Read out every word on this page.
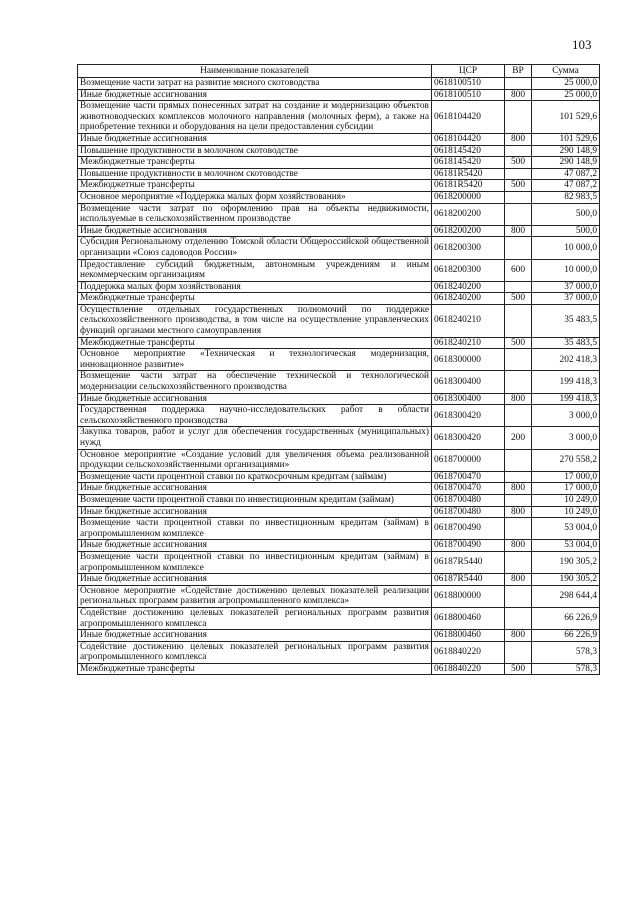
103
Наименование показателей	ЦСР	ВР	Сумма
Возмещение части затрат на развитие мясного скотоводства	0618100510		25 000,0
Иные бюджетные ассигнования	0618100510	800	25 000,0
Возмещение части прямых понесенных затрат на создание и модернизацию объектов животноводческих комплексов молочного направления (молочных ферм), а также на приобретение техники и оборудования на цели предоставления субсидии	0618104420		101 529,6
Иные бюджетные ассигнования	0618104420	800	101 529,6
Повышение продуктивности в молочном скотоводстве	0618145420		290 148,9
Межбюджетные трансферты	0618145420	500	290 148,9
Повышение продуктивности в молочном скотоводстве	06181R5420		47 087,2
Межбюджетные трансферты	06181R5420	500	47 087,2
Основное мероприятие «Поддержка малых форм хозяйствования»	0618200000		82 983,5
Возмещение части затрат по оформлению прав на объекты недвижимости, используемые в сельскохозяйственном производстве	0618200200		500,0
Иные бюджетные ассигнования	0618200200	800	500,0
Субсидия Региональному отделению Томской области Общероссийской общественной организации «Союз садоводов России»	0618200300		10 000,0
Предоставление субсидий бюджетным, автономным учреждениям и иным некоммерческим организациям	0618200300	600	10 000,0
Поддержка малых форм хозяйствования	0618240200		37 000,0
Межбюджетные трансферты	0618240200	500	37 000,0
Осуществление отдельных государственных полномочий по поддержке сельскохозяйственного производства, в том числе на осуществление управленческих функций органами местного самоуправления	0618240210		35 483,5
Межбюджетные трансферты	0618240210	500	35 483,5
Основное мероприятие «Техническая и технологическая модернизация, инновационное развитие»	0618300000		202 418,3
Возмещение части затрат на обеспечение технической и технологической модернизации сельскохозяйственного производства	0618300400		199 418,3
Иные бюджетные ассигнования	0618300400	800	199 418,3
Государственная поддержка научно-исследовательских работ в области сельскохозяйственного производства	0618300420		3 000,0
Закупка товаров, работ и услуг для обеспечения государственных (муниципальных) нужд	0618300420	200	3 000,0
Основное мероприятие «Создание условий для увеличения объема реализованной продукции сельскохозяйственными организациями»	0618700000		270 558,2
Возмещение части процентной ставки по краткосрочным кредитам (займам)	0618700470		17 000,0
Иные бюджетные ассигнования	0618700470	800	17 000,0
Возмещение части процентной ставки по инвестиционным кредитам (займам)	0618700480		10 249,0
Иные бюджетные ассигнования	0618700480	800	10 249,0
Возмещение части процентной ставки по инвестиционным кредитам (займам) в агропромышленном комплексе	0618700490		53 004,0
Иные бюджетные ассигнования	0618700490	800	53 004,0
Возмещение части процентной ставки по инвестиционным кредитам (займам) в агропромышленном комплексе	06187R5440		190 305,2
Иные бюджетные ассигнования	06187R5440	800	190 305,2
Основное мероприятие «Содействие достижению целевых показателей реализации региональных программ развития агропромышленного комплекса»	0618800000		298 644,4
Содействие достижению целевых показателей региональных программ развития агропромышленного комплекса	0618800460		66 226,9
Иные бюджетные ассигнования	0618800460	800	66 226,9
Содействие достижению целевых показателей региональных программ развития агропромышленного комплекса	0618840220		578,3
Межбюджетные трансферты	0618840220	500	578,3
